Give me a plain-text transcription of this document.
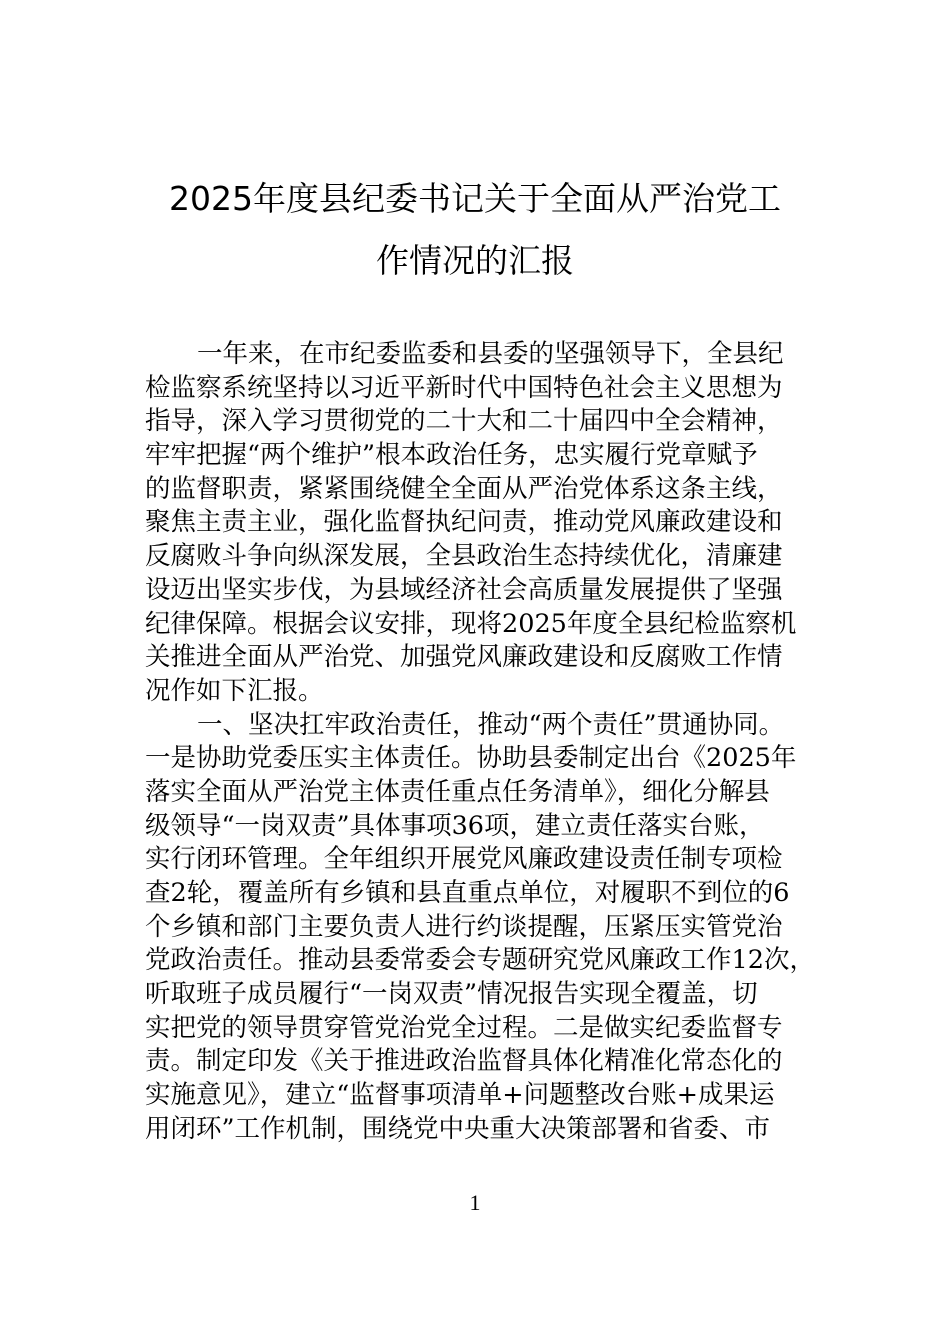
2025年度县纪委书记关于全面从严治党工
作情况的汇报
一年来，在市纪委监委和县委的坚强领导下，全县纪
检监察系统坚持以习近平新时代中国特色社会主义思想为
指导，深入学习贯彻党的二十大和二十届四中全会精神，
牢牢把握“两个维护”根本政治任务，忠实履行党章赋予
的监督职责，紧紧围绕健全全面从严治党体系这条主线，
聚焦主责主业，强化监督执纪问责，推动党风廉政建设和
反腐败斗争向纵深发展，全县政治生态持续优化，清廉建
设迈出坚实步伐，为县域经济社会高质量发展提供了坚强
纪律保障。根据会议安排，现将2025年度全县纪检监察机
关推进全面从严治党、加强党风廉政建设和反腐败工作情
况作如下汇报。
一、坚决扛牢政治责任，推动“两个责任”贯通协同。
一是协助党委压实主体责任。协助县委制定出台《2025年
落实全面从严治党主体责任重点任务清单》，细化分解县
级领导“一岗双责”具体事项36项，建立责任落实台账，
实行闭环管理。全年组织开展党风廉政建设责任制专项检
查2轮，覆盖所有乡镇和县直重点单位，对履职不到位的6
个乡镇和部门主要负责人进行约谈提醒，压紧压实管党治
党政治责任。推动县委常委会专题研究党风廉政工作12次，
听取班子成员履行“一岗双责”情况报告实现全覆盖，切
实把党的领导贯穿管党治党全过程。二是做实纪委监督专
责。制定印发《关于推进政治监督具体化精准化常态化的
实施意见》，建立“监督事项清单+问题整改台账+成果运
用闭环”工作机制，围绕党中央重大决策部署和省委、市
1
